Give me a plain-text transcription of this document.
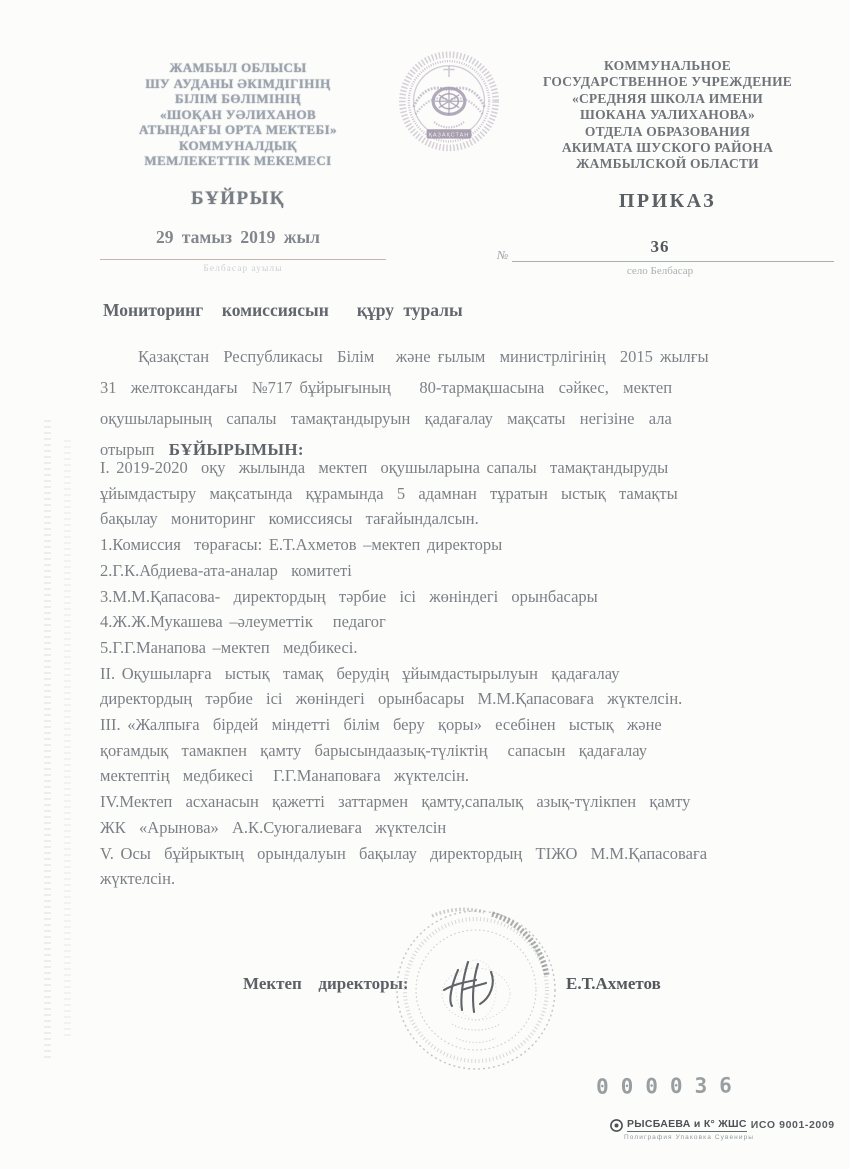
ЖАМБЫЛ ОБЛЫСЫ
ШУ АУДАНЫ ӘКІМДІГІНІҢ
БІЛІМ БӨЛІМІНІҢ
«ШОҚАН УӘЛИХАНОВ
АТЫНДАҒЫ ОРТА МЕКТЕБІ»
КОММУНАЛДЫҚ
МЕМЛЕКЕТТІК МЕКЕМЕСІ
БҰЙРЫҚ
29 тамыз 2019 жыл
Белбасар ауылы
ҚАЗАҚСТАН
КОММУНАЛЬНОЕ
ГОСУДАРСТВЕННОЕ УЧРЕЖДЕНИЕ
«СРЕДНЯЯ ШКОЛА ИМЕНИ
ШОКАНА УАЛИХАНОВА»
ОТДЕЛА ОБРАЗОВАНИЯ
АКИМАТА ШУСКОГО РАЙОНА
ЖАМБЫЛСКОЙ ОБЛАСТИ
ПРИКАЗ
№	36
село Белбасар
Мониторинг  комиссиясын   құру туралы
Қазақстан  Республикасы  Білім   және ғылым  министрлігінің  2015 жылғы
31  желтоксандағы  №717 бұйрығының    80-тармақшасына  сәйкес,  мектеп
оқушыларының  сапалы  тамақтандыруын  қадағалау  мақсаты  негізіне  ала
отырып  БҰЙЫРЫМЫН:
І. 2019-2020  оқу  жылында  мектеп  оқушыларына сапалы  тамақтандыруды
ұйымдастыру  мақсатында  құрамында  5  адамнан  тұратын  ыстық  тамақты
бақылау  мониторинг  комиссиясы  тағайындалсын.
1.Комиссия  төрағасы: Е.Т.Ахметов –мектеп директоры
2.Г.К.Абдиева-ата-аналар  комитеті
3.М.М.Қапасова-  директордың  тәрбие  ісі  жөніндегі  орынбасары
4.Ж.Ж.Мукашева –әлеуметтік   педагог
5.Г.Г.Манапова –мектеп  медбикесі.
ІІ. Оқушыларға  ыстық  тамақ  берудің  ұйымдастырылуын  қадағалау
директордың  тәрбие  ісі  жөніндегі  орынбасары  М.М.Қапасоваға  жүктелсін.
ІІІ. «Жалпыға  бірдей  міндетті  білім  беру  қоры»  есебінен  ыстық  және
қоғамдық  тамакпен  қамту  барысындаазық-түліктің   сапасын  қадағалау
мектептің  медбикесі   Г.Г.Манаповаға  жүктелсін.
ІV.Мектеп  асханасын  қажетті  заттармен  қамту,сапалық  азық-түлікпен  қамту
ЖК  «Арынова»  А.К.Суюгалиеваға  жүктелсін
V. Осы  бұйрыктың  орындалуын  бақылау  директордың  ТІЖО  М.М.Қапасоваға
жүктелсін.
Мектеп  директоры:	Е.Т.Ахметов
000036
РЫСБАЕВА и К° ЖШС ИСО 9001-2009
Полиграфия Упаковка Сувениры
